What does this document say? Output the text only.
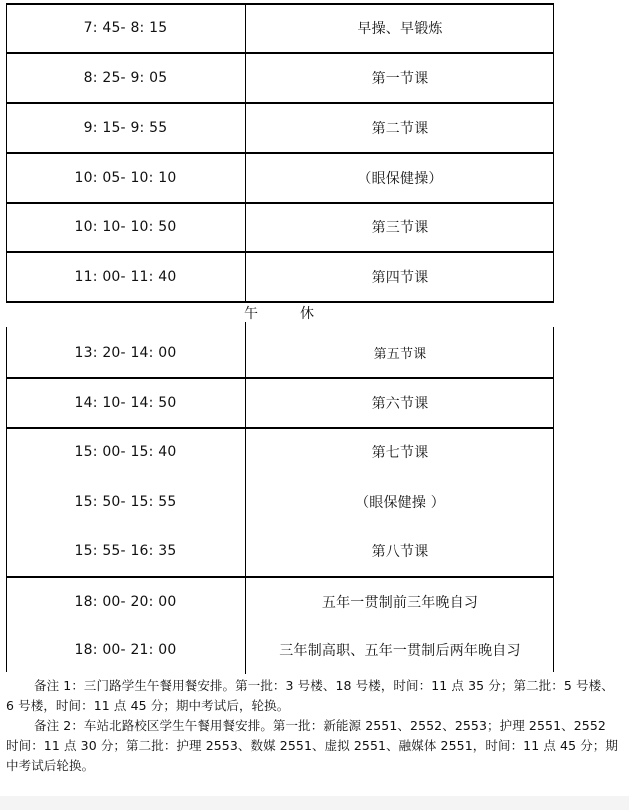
7: 45- 8: 15	早操、早锻炼
8: 25- 9: 05	第一节课
9: 15- 9: 55	第二节课
10: 05- 10: 10	（眼保健操）
10: 10- 10: 50	第三节课
11: 00- 11: 40	第四节课
午	休
13: 20- 14: 00	第五节课
14: 10- 14: 50	第六节课
15: 00- 15: 40	第七节课
15: 50- 15: 55	（眼保健操 ）
15: 55- 16: 35	第八节课
18: 00- 20: 00	五年一贯制前三年晚自习
18: 00- 21: 00	三年制高职、五年一贯制后两年晚自习

备注 1：三门路学生午餐用餐安排。第一批：3 号楼、18 号楼，时间：11 点 35 分；第二批：5 号楼、6 号楼，时间：11 点 45 分；期中考试后，轮换。

备注 2：车站北路校区学生午餐用餐安排。第一批：新能源 2551、2552、2553；护理 2551、2552 时间：11 点 30 分；第二批：护理 2553、数媒 2551、虚拟 2551、融媒体 2551，时间：11 点 45 分；期中考试后轮换。
